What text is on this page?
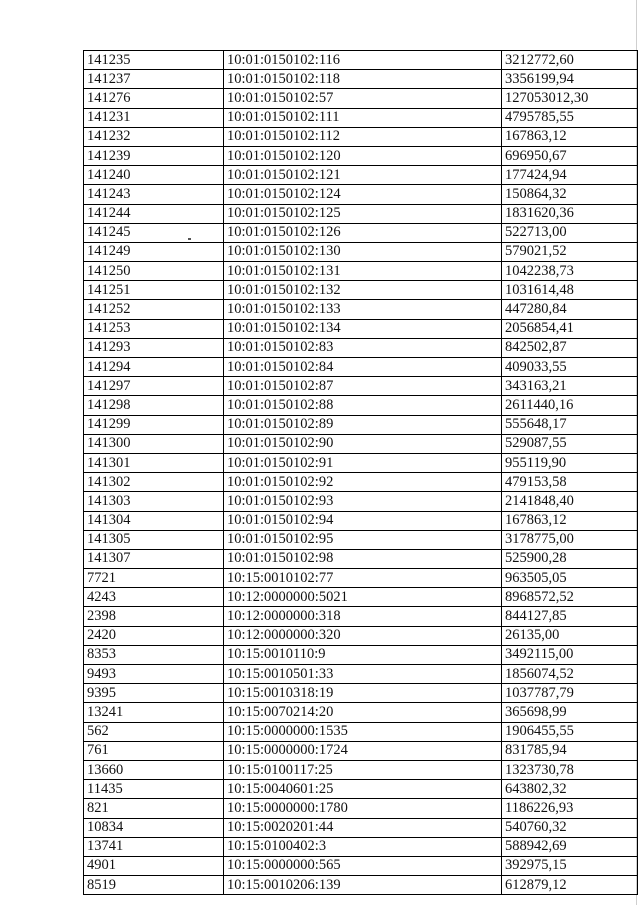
141235	10:01:0150102:116	3212772,60
141237	10:01:0150102:118	3356199,94
141276	10:01:0150102:57	127053012,30
141231	10:01:0150102:111	4795785,55
141232	10:01:0150102:112	167863,12
141239	10:01:0150102:120	696950,67
141240	10:01:0150102:121	177424,94
141243	10:01:0150102:124	150864,32
141244	10:01:0150102:125	1831620,36
141245	10:01:0150102:126	522713,00
141249	10:01:0150102:130	579021,52
141250	10:01:0150102:131	1042238,73
141251	10:01:0150102:132	1031614,48
141252	10:01:0150102:133	447280,84
141253	10:01:0150102:134	2056854,41
141293	10:01:0150102:83	842502,87
141294	10:01:0150102:84	409033,55
141297	10:01:0150102:87	343163,21
141298	10:01:0150102:88	2611440,16
141299	10:01:0150102:89	555648,17
141300	10:01:0150102:90	529087,55
141301	10:01:0150102:91	955119,90
141302	10:01:0150102:92	479153,58
141303	10:01:0150102:93	2141848,40
141304	10:01:0150102:94	167863,12
141305	10:01:0150102:95	3178775,00
141307	10:01:0150102:98	525900,28
7721	10:15:0010102:77	963505,05
4243	10:12:0000000:5021	8968572,52
2398	10:12:0000000:318	844127,85
2420	10:12:0000000:320	26135,00
8353	10:15:0010110:9	3492115,00
9493	10:15:0010501:33	1856074,52
9395	10:15:0010318:19	1037787,79
13241	10:15:0070214:20	365698,99
562	10:15:0000000:1535	1906455,55
761	10:15:0000000:1724	831785,94
13660	10:15:0100117:25	1323730,78
11435	10:15:0040601:25	643802,32
821	10:15:0000000:1780	1186226,93
10834	10:15:0020201:44	540760,32
13741	10:15:0100402:3	588942,69
4901	10:15:0000000:565	392975,15
8519	10:15:0010206:139	612879,12
